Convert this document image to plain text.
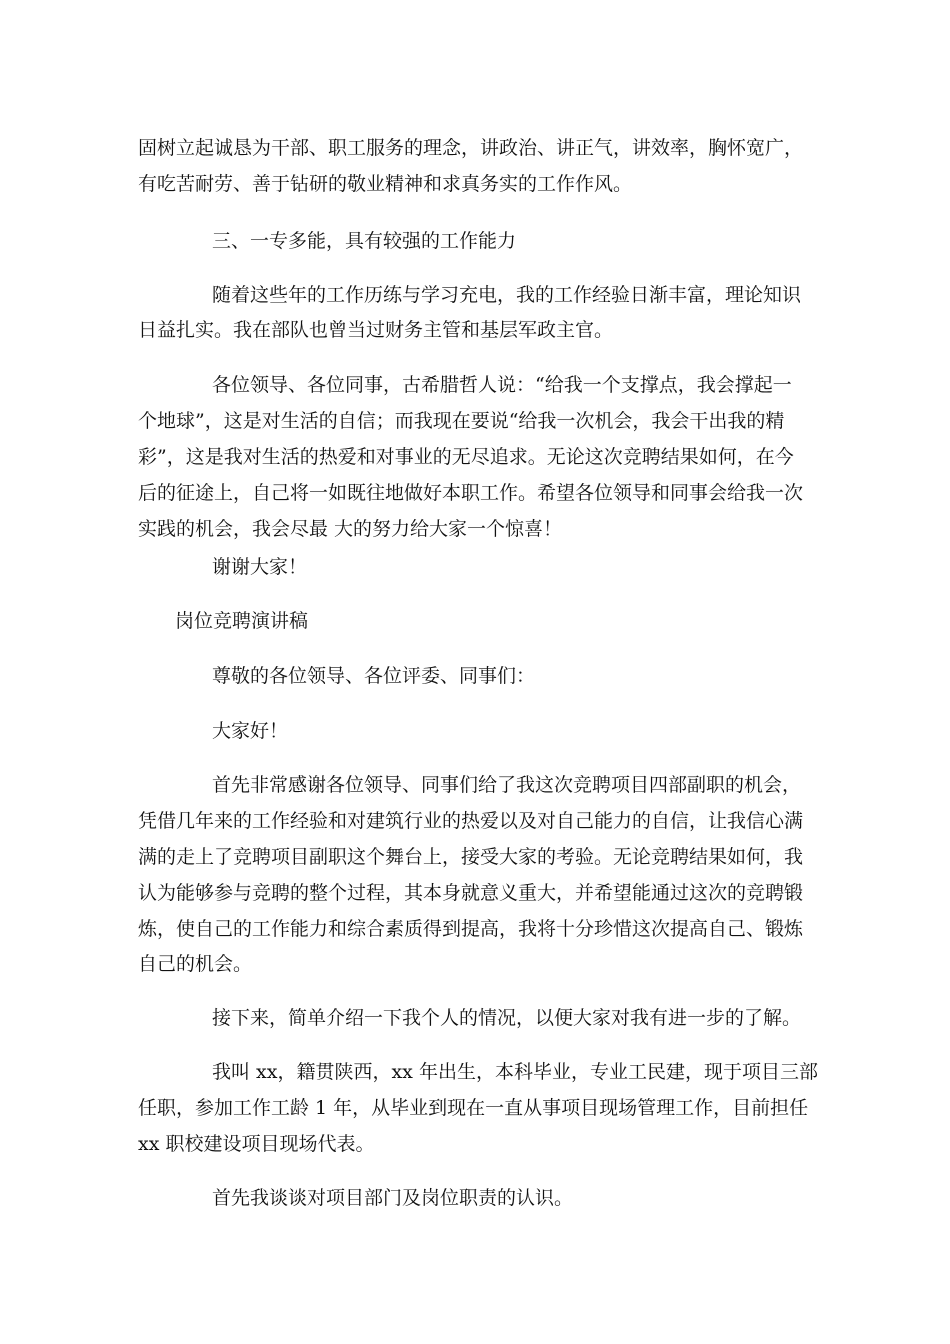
固树立起诚恳为干部、职工服务的理念，讲政治、讲正气，讲效率，胸怀宽广，

有吃苦耐劳、善于钻研的敬业精神和求真务实的工作作风。

三、一专多能，具有较强的工作能力

随着这些年的工作历练与学习充电，我的工作经验日渐丰富，理论知识

日益扎实。我在部队也曾当过财务主管和基层军政主官。

各位领导、各位同事，古希腊哲人说：“给我一个支撑点，我会撑起一

个地球”，这是对生活的自信；而我现在要说“给我一次机会，我会干出我的精

彩”，这是我对生活的热爱和对事业的无尽追求。无论这次竞聘结果如何，在今

后的征途上，自己将一如既往地做好本职工作。希望各位领导和同事会给我一次

实践的机会，我会尽最 大的努力给大家一个惊喜！

谢谢大家！

岗位竞聘演讲稿

尊敬的各位领导、各位评委、同事们：

大家好！

首先非常感谢各位领导、同事们给了我这次竞聘项目四部副职的机会，

凭借几年来的工作经验和对建筑行业的热爱以及对自己能力的自信，让我信心满

满的走上了竞聘项目副职这个舞台上，接受大家的考验。无论竞聘结果如何，我

认为能够参与竞聘的整个过程，其本身就意义重大，并希望能通过这次的竞聘锻

炼，使自己的工作能力和综合素质得到提高，我将十分珍惜这次提高自己、锻炼

自己的机会。

接下来，简单介绍一下我个人的情况，以便大家对我有进一步的了解。

我叫 xx，籍贯陕西，xx 年出生，本科毕业，专业工民建，现于项目三部

任职，参加工作工龄 1 年，从毕业到现在一直从事项目现场管理工作，目前担任

xx 职校建设项目现场代表。

首先我谈谈对项目部门及岗位职责的认识。
